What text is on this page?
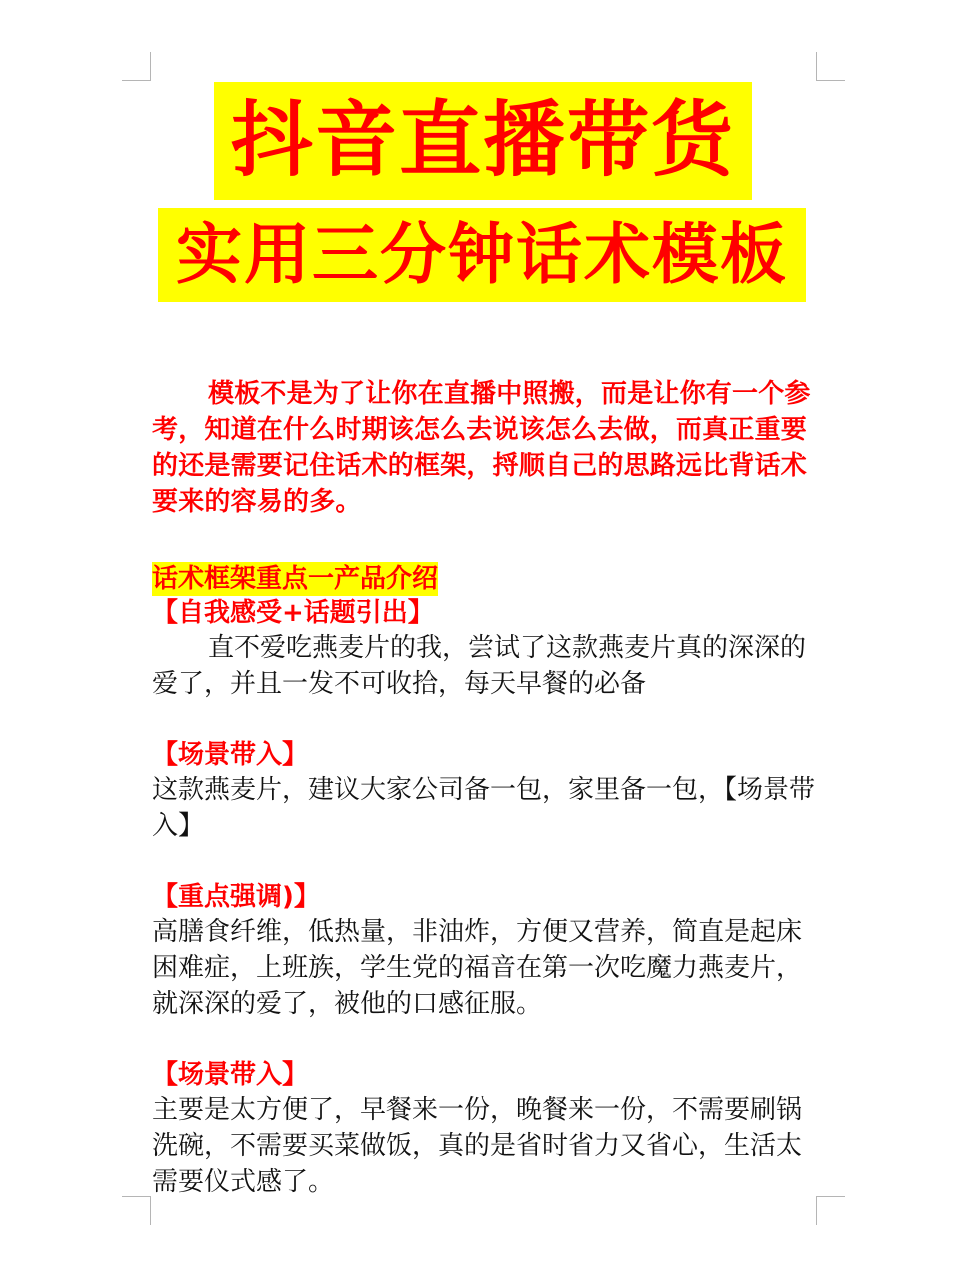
抖音直播带货
实用三分钟话术模板

模板不是为了让你在直播中照搬，而是让你有一个参考，知道在什么时期该怎么去说该怎么去做，而真正重要的还是需要记住话术的框架，捋顺自己的思路远比背话术要来的容易的多。

话术框架重点一产品介绍

【自我感受+话题引出】

直不爱吃燕麦片的我，尝试了这款燕麦片真的深深的爱了，并且一发不可收拾，每天早餐的必备

【场景带入】

这款燕麦片，建议大家公司备一包，家里备一包，【场景带入】

【重点强调)】

高膳食纤维，低热量，非油炸，方便又营养，简直是起床困难症，上班族，学生党的福音在第一次吃魔力燕麦片，就深深的爱了，被他的口感征服。

【场景带入】

主要是太方便了，早餐来一份，晚餐来一份，不需要刷锅洗碗，不需要买菜做饭，真的是省时省力又省心，生活太需要仪式感了。
